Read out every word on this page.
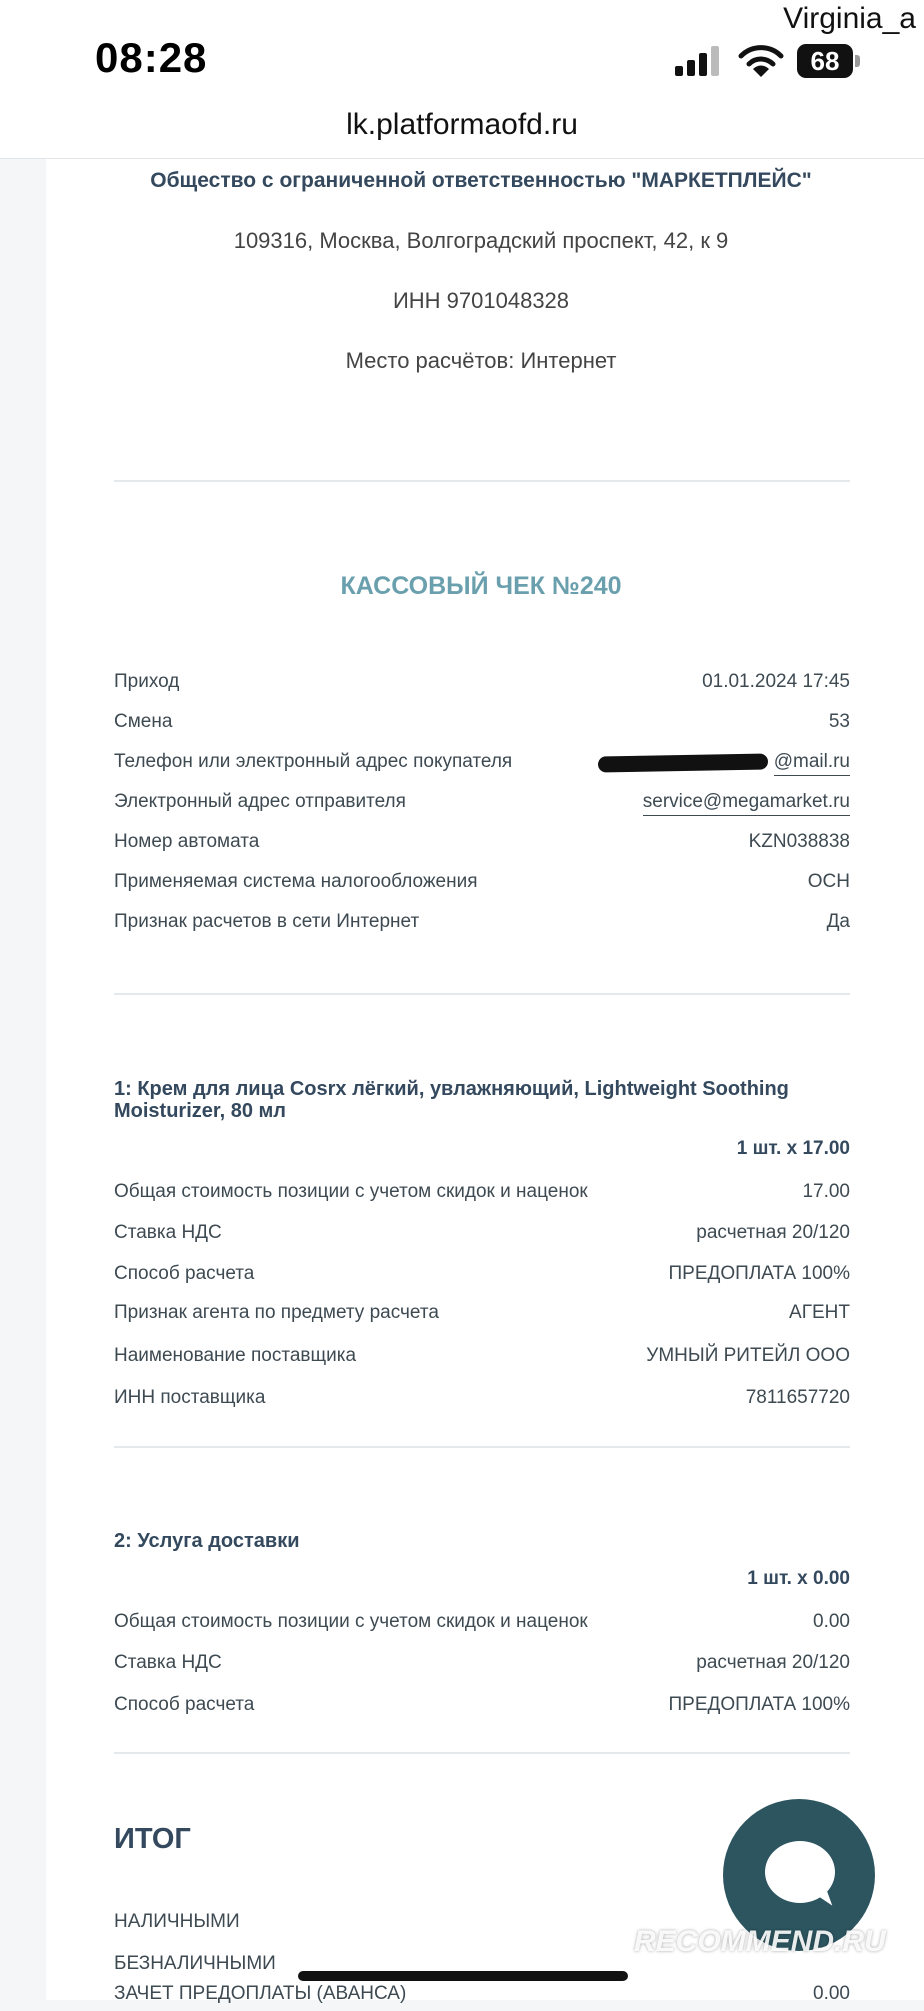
08:28
Virginia_a
68
lk.platformaofd.ru
Общество с ограниченной ответственностью "МАРКЕТПЛЕЙС"
109316, Москва, Волгоградский проспект, 42, к 9
ИНН 9701048328
Место расчётов: Интернет
КАССОВЫЙ ЧЕК №240
Приход	01.01.2024 17:45
Смена	53
Телефон или электронный адрес покупателя	@mail.ru
Электронный адрес отправителя	service@megamarket.ru
Номер автомата	KZN038838
Применяемая система налогообложения	ОСН
Признак расчетов в сети Интернет	Да
1: Крем для лица Cosrx лёгкий, увлажняющий, Lightweight Soothing Moisturizer, 80 мл
1 шт. x 17.00
Общая стоимость позиции с учетом скидок и наценок	17.00
Ставка НДС	расчетная 20/120
Способ расчета	ПРЕДОПЛАТА 100%
Признак агента по предмету расчета	АГЕНТ
Наименование поставщика	УМНЫЙ РИТЕЙЛ ООО
ИНН поставщика	7811657720
2: Услуга доставки
1 шт. x 0.00
Общая стоимость позиции с учетом скидок и наценок	0.00
Ставка НДС	расчетная 20/120
Способ расчета	ПРЕДОПЛАТА 100%
ИТОГ
НАЛИЧНЫМИ
БЕЗНАЛИЧНЫМИ
ЗАЧЕТ ПРЕДОПЛАТЫ (АВАНСА)	0.00
RECOMMEND.RU
